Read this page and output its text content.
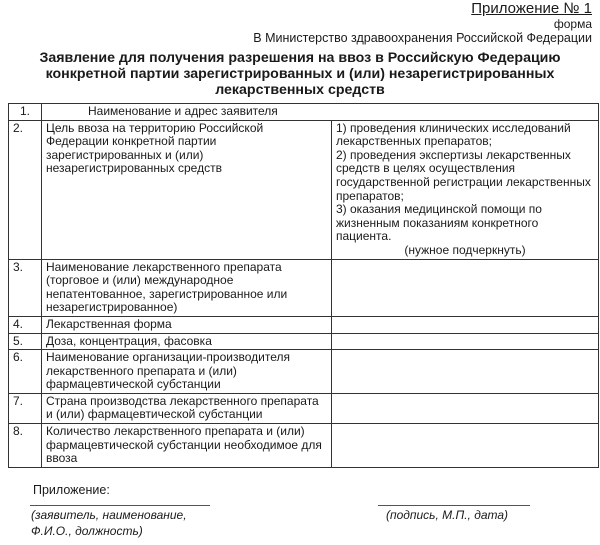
Приложение № 1
форма
В Министерство здравоохранения Российской Федерации
Заявление для получения разрешения на ввоз в Российскую Федерацию конкретной партии зарегистрированных и (или) незарегистрированных лекарственных средств
1.	Наименование и адрес заявителя	
2.	Цель ввоза на территорию Российской Федерации конкретной партии зарегистрированных и (или) незарегистрированных средств	1) проведения клинических исследований лекарственных препаратов;
2) проведения экспертизы лекарственных средств в целях осуществления государственной регистрации лекарственных препаратов;
3) оказания медицинской помощи по жизненным показаниям конкретного пациента.
(нужное подчеркнуть)

3.	Наименование лекарственного препарата (торговое и (или) международное непатентованное, зарегистрированное или незарегистрированное)	
4.	Лекарственная форма	
5.	Доза, концентрация, фасовка	
6.	Наименование организации-производителя лекарственного препарата и (или) фармацевтической субстанции	
7.	Страна производства лекарственного препарата и (или) фармацевтической субстанции	
8.	Количество лекарственного препарата и (или) фармацевтической субстанции необходимое для ввоза	
Приложение:
(заявитель, наименование,
Ф.И.О., должность)
(подпись, М.П., дата)
